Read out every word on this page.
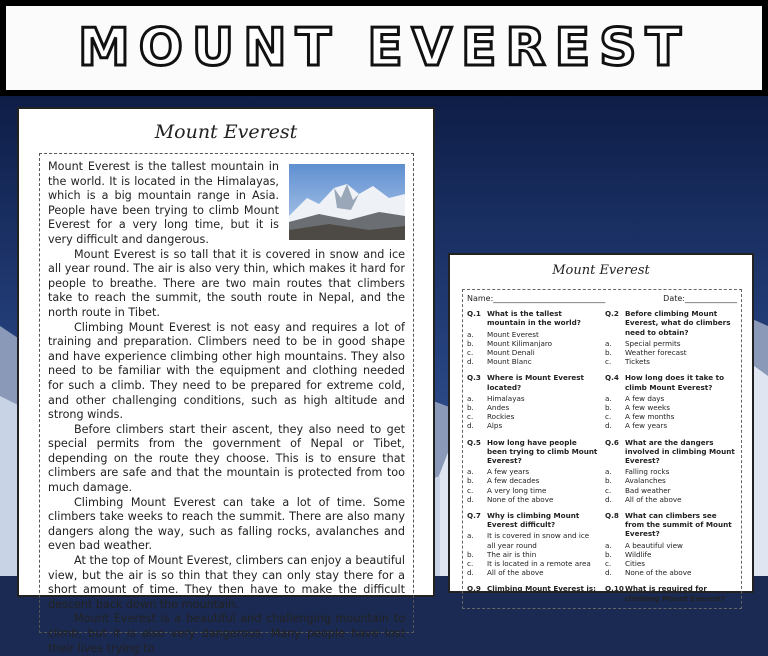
MOUNT EVEREST
Mount Everest

Mount Everest is the tallest mountain in the world. It is located in the Himalayas, which is a big mountain range in Asia. People have been trying to climb Mount Everest for a very long time, but it is very difficult and dangerous.

Mount Everest is so tall that it is covered in snow and ice all year round. The air is also very thin, which makes it hard for people to breathe. There are two main routes that climbers take to reach the summit, the south route in Nepal, and the north route in Tibet.

Climbing Mount Everest is not easy and requires a lot of training and preparation. Climbers need to be in good shape and have experience climbing other high mountains. They also need to be familiar with the equipment and clothing needed for such a climb. They need to be prepared for extreme cold, and other challenging conditions, such as high altitude and strong winds.

Before climbers start their ascent, they also need to get special permits from the government of Nepal or Tibet, depending on the route they choose. This is to ensure that climbers are safe and that the mountain is protected from too much damage.

Climbing Mount Everest can take a lot of time. Some climbers take weeks to reach the summit. There are also many dangers along the way, such as falling rocks, avalanches and even bad weather.

At the top of Mount Everest, climbers can enjoy a beautiful view, but the air is so thin that they can only stay there for a short amount of time. They then have to make the difficult descent back down the mountain.

Mount Everest is a beautiful and challenging mountain to climb, but it is also very dangerous. Many people have lost their lives trying to

Mount Everest
Name:____________________________	Date:_____________
Q.1 What is the tallest mountain in the world?
a.	Mount Everest
b.	Mount Kilimanjaro
c.	Mount Denali
d.	Mount Blanc
Q.2 Before climbing Mount Everest, what do climbers need to obtain?
a.	Special permits
b.	Weather forecast
c.	Tickets
Q.3 Where is Mount Everest located?
a.	Himalayas
b.	Andes
c.	Rockies
d.	Alps
Q.4 How long does it take to climb Mount Everest?
a.	A few days
b.	A few weeks
c.	A few months
d.	A few years
Q.5 How long have people been trying to climb Mount Everest?
a.	A few years
b.	A few decades
c.	A very long time
d.	None of the above
Q.6 What are the dangers involved in climbing Mount Everest?
a.	Falling rocks
b.	Avalanches
c.	Bad weather
d.	All of the above
Q.7 Why is climbing Mount Everest difficult?
a.	It is covered in snow and ice all year round
b.	The air is thin
c.	It is located in a remote area
d.	All of the above
Q.8 What can climbers see from the summit of Mount Everest?
a.	A beautiful view
b.	Wildlife
c.	Cities
d.	None of the above
Q.9 Climbing Mount Everest is:	Q.10 What is required for climbing Mount Everest?
